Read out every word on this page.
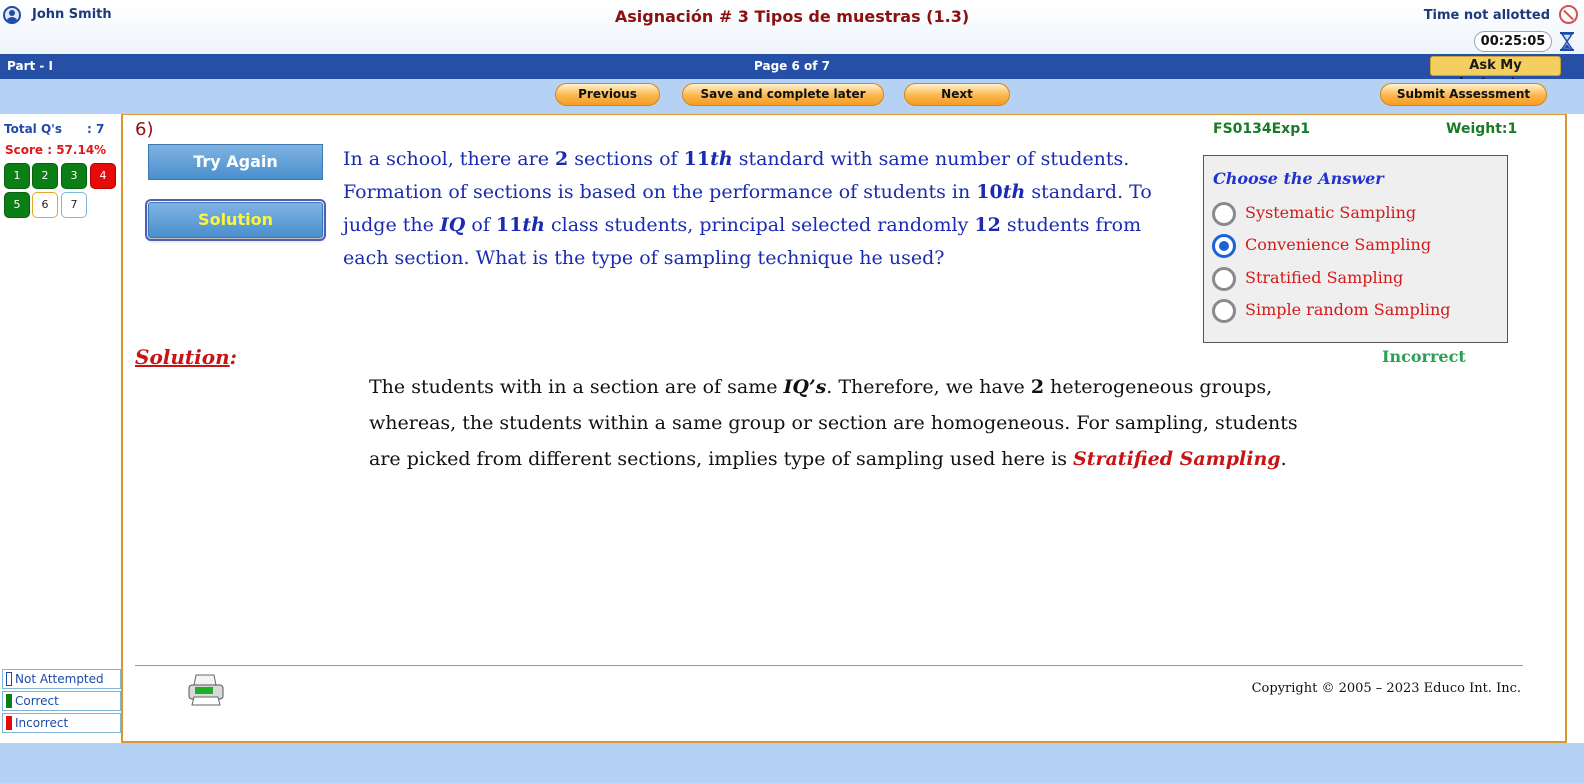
John Smith	Asignación # 3 Tipos de muestras (1.3)	Time not allotted
00:25:05
Part - I	Page 6 of 7	Ask My
Previous	Save and complete later	Next	Submit Assessment
Total Q's      : 7
Score : 57.14%
1	2	3	4
5	6	7
Not Attempted
Correct
Incorrect
6)	FS0134Exp1	Weight:1
Try Again
Solution
In a school, there are 2 sections of 11th standard with same number of students. Formation of sections is based on the performance of students in 10th standard. To judge the IQ of 11th class students, principal selected randomly 12 students from each section. What is the type of sampling technique he used?
Choose the Answer
Systematic Sampling
Convenience Sampling
Stratified Sampling
Simple random Sampling
Incorrect
Solution:
The students with in a section are of same IQ’s. Therefore, we have 2 heterogeneous groups, whereas, the students within a same group or section are homogeneous. For sampling, students are picked from different sections, implies type of sampling used here is Stratified Sampling.
Copyright © 2005 – 2023 Educo Int. Inc.
